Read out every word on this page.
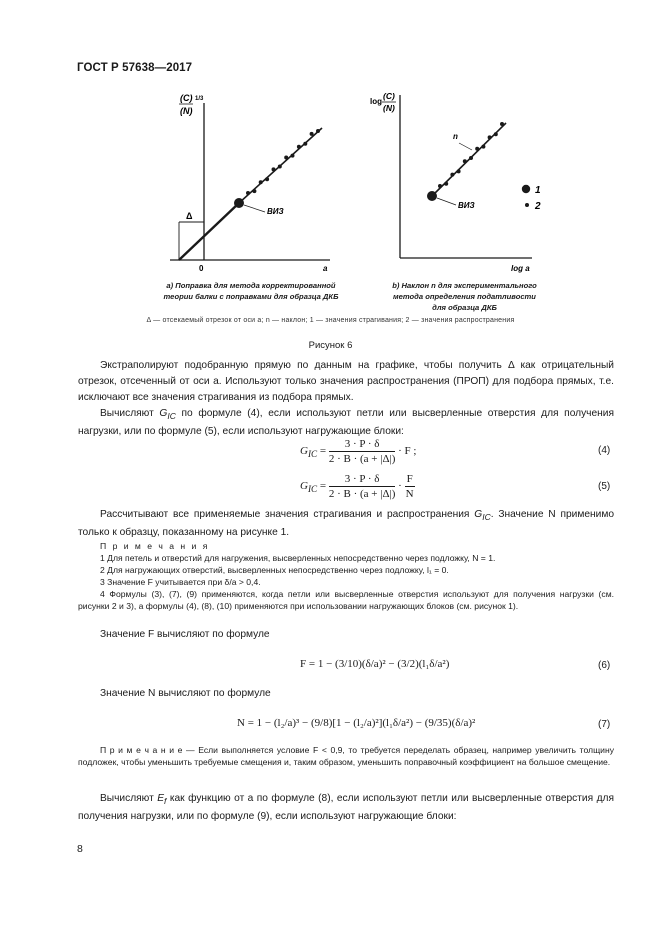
ГОСТ Р 57638—2017
ВИЗ
Δ
0	a
(C)
(N)
1/3
ВИЗ
n
log a
log
(C)
(N)
1
2
a) Поправка для метода корректированной
теории балки с поправками для образца ДКБ
b) Наклон n для экспериментального
метода определения податливости
для образца ДКБ
Δ — отсекаемый отрезок от оси a; n — наклон; 1 — значения страгивания; 2 — значения распространения
Рисунок 6
Экстраполируют подобранную прямую по данным на графике, чтобы получить Δ как отрицательный отрезок, отсеченный от оси a. Используют только значения распространения (ПРОП) для подбора прямых, т.е. исключают все значения страгивания из подбора прямых.
Вычисляют $G_{IC}$ по формуле (4), если используют петли или высверленные отверстия для получения нагрузки, или по формуле (5), если используют нагружающие блоки:
$G_{IC} = \frac{3 \cdot P \cdot \delta}{2 \cdot B \cdot (a + |\Delta|)} \cdot F$ ;	(4)
$G_{IC} = \frac{3 \cdot P \cdot \delta}{2 \cdot B \cdot (a + |\Delta|)} \cdot \frac{F}{N}$	(5)
Рассчитывают все применяемые значения страгивания и распространения $G_{IC}$. Значение N применимо только к образцу, показанному на рисунке 1.
П р и м е ч а н и я
1 Для петель и отверстий для нагружения, высверленных непосредственно через подложку, N = 1.
2 Для нагружающих отверстий, высверленных непосредственно через подложку, l₁ = 0.
3 Значение F учитывается при δ/a > 0,4.
4 Формулы (3), (7), (9) применяются, когда петли или высверленные отверстия используют для получения нагрузки (см. рисунки 2 и 3), а формулы (4), (8), (10) применяются при использовании нагружающих блоков (см. рисунок 1).
Значение F вычисляют по формуле
F = 1 − (3/10)(δ/a)² − (3/2)(l₁δ/a²)	(6)
Значение N вычисляют по формуле
N = 1 − (l₂/a)³ − (9/8)[1 − (l₂/a)²](l₁δ/a²) − (9/35)(δ/a)²	(7)
П р и м е ч а н и е — Если выполняется условие F < 0,9, то требуется переделать образец, например увеличить толщину подложек, чтобы уменьшить требуемые смещения и, таким образом, уменьшить поправочный коэффициент на большое смещение.
Вычисляют $E_f$ как функцию от a по формуле (8), если используют петли или высверленные отверстия для получения нагрузки, или по формуле (9), если используют нагружающие блоки:
8
